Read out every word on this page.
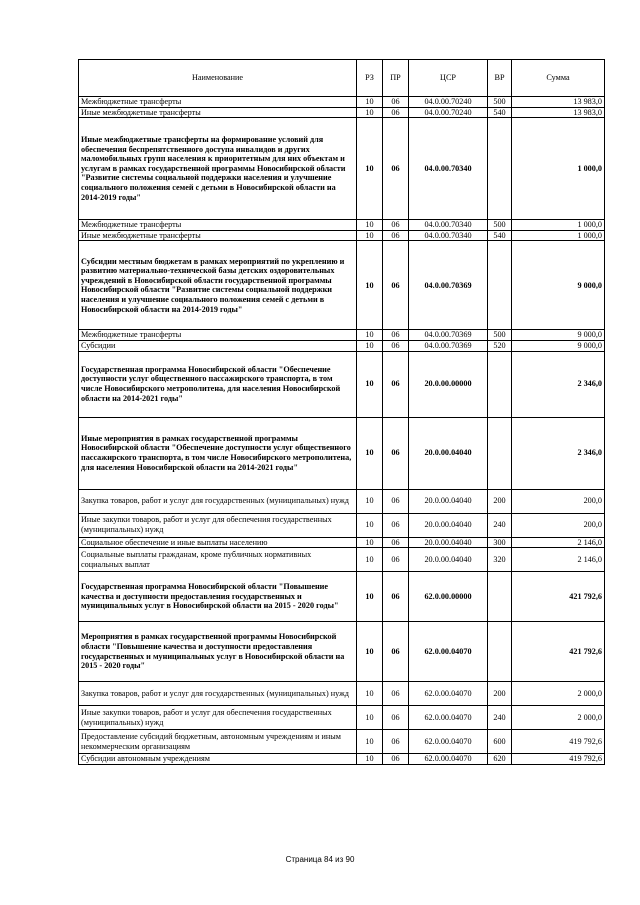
Наименование	РЗ	ПР	ЦСР	ВР	Сумма
Межбюджетные трансферты	10	06	04.0.00.70240	500	13 983,0
Иные межбюджетные трансферты	10	06	04.0.00.70240	540	13 983,0
Иные межбюджетные трансферты на формирование условий для обеспечения беспрепятственного доступа инвалидов и других маломобильных групп населения к приоритетным для них объектам и услугам в рамках государственной программы Новосибирской области "Развитие системы социальной поддержки населения и улучшение социального положения семей с детьми в Новосибирской области на 2014-2019 годы"	10	06	04.0.00.70340		1 000,0
Межбюджетные трансферты	10	06	04.0.00.70340	500	1 000,0
Иные межбюджетные трансферты	10	06	04.0.00.70340	540	1 000,0
Субсидии местным бюджетам в рамках мероприятий по укреплению и развитию материально-технической базы детских оздоровительных учреждений в Новосибирской области государственной программы Новосибирской области "Развитие системы социальной поддержки населения и улучшение социального положения семей с детьми в Новосибирской области на 2014-2019 годы"	10	06	04.0.00.70369		9 000,0
Межбюджетные трансферты	10	06	04.0.00.70369	500	9 000,0
Субсидии	10	06	04.0.00.70369	520	9 000,0
Государственная программа Новосибирской области "Обеспечение доступности услуг общественного пассажирского транспорта, в том числе Новосибирского метрополитена, для населения Новосибирской области на 2014-2021 годы"	10	06	20.0.00.00000		2 346,0
Иные мероприятия в рамках государственной программы Новосибирской области "Обеспечение доступности услуг общественного пассажирского транспорта, в том числе Новосибирского метрополитена, для населения Новосибирской области на 2014-2021 годы"	10	06	20.0.00.04040		2 346,0
Закупка товаров, работ и услуг для государственных (муниципальных) нужд	10	06	20.0.00.04040	200	200,0
Иные закупки товаров, работ и услуг для обеспечения государственных (муниципальных) нужд	10	06	20.0.00.04040	240	200,0
Социальное обеспечение и иные выплаты населению	10	06	20.0.00.04040	300	2 146,0
Социальные выплаты гражданам, кроме публичных нормативных социальных выплат	10	06	20.0.00.04040	320	2 146,0
Государственная программа Новосибирской области "Повышение качества и доступности предоставления государственных и муниципальных услуг в Новосибирской области на 2015 - 2020 годы"	10	06	62.0.00.00000		421 792,6
Мероприятия в рамках государственной программы Новосибирской области "Повышение качества и доступности предоставления государственных и муниципальных услуг в Новосибирской области на 2015 - 2020 годы"	10	06	62.0.00.04070		421 792,6
Закупка товаров, работ и услуг для государственных (муниципальных) нужд	10	06	62.0.00.04070	200	2 000,0
Иные закупки товаров, работ и услуг для обеспечения государственных (муниципальных) нужд	10	06	62.0.00.04070	240	2 000,0
Предоставление субсидий бюджетным, автономным учреждениям и иным некоммерческим организациям	10	06	62.0.00.04070	600	419 792,6
Субсидии автономным учреждениям	10	06	62.0.00.04070	620	419 792,6
Страница 84 из 90
